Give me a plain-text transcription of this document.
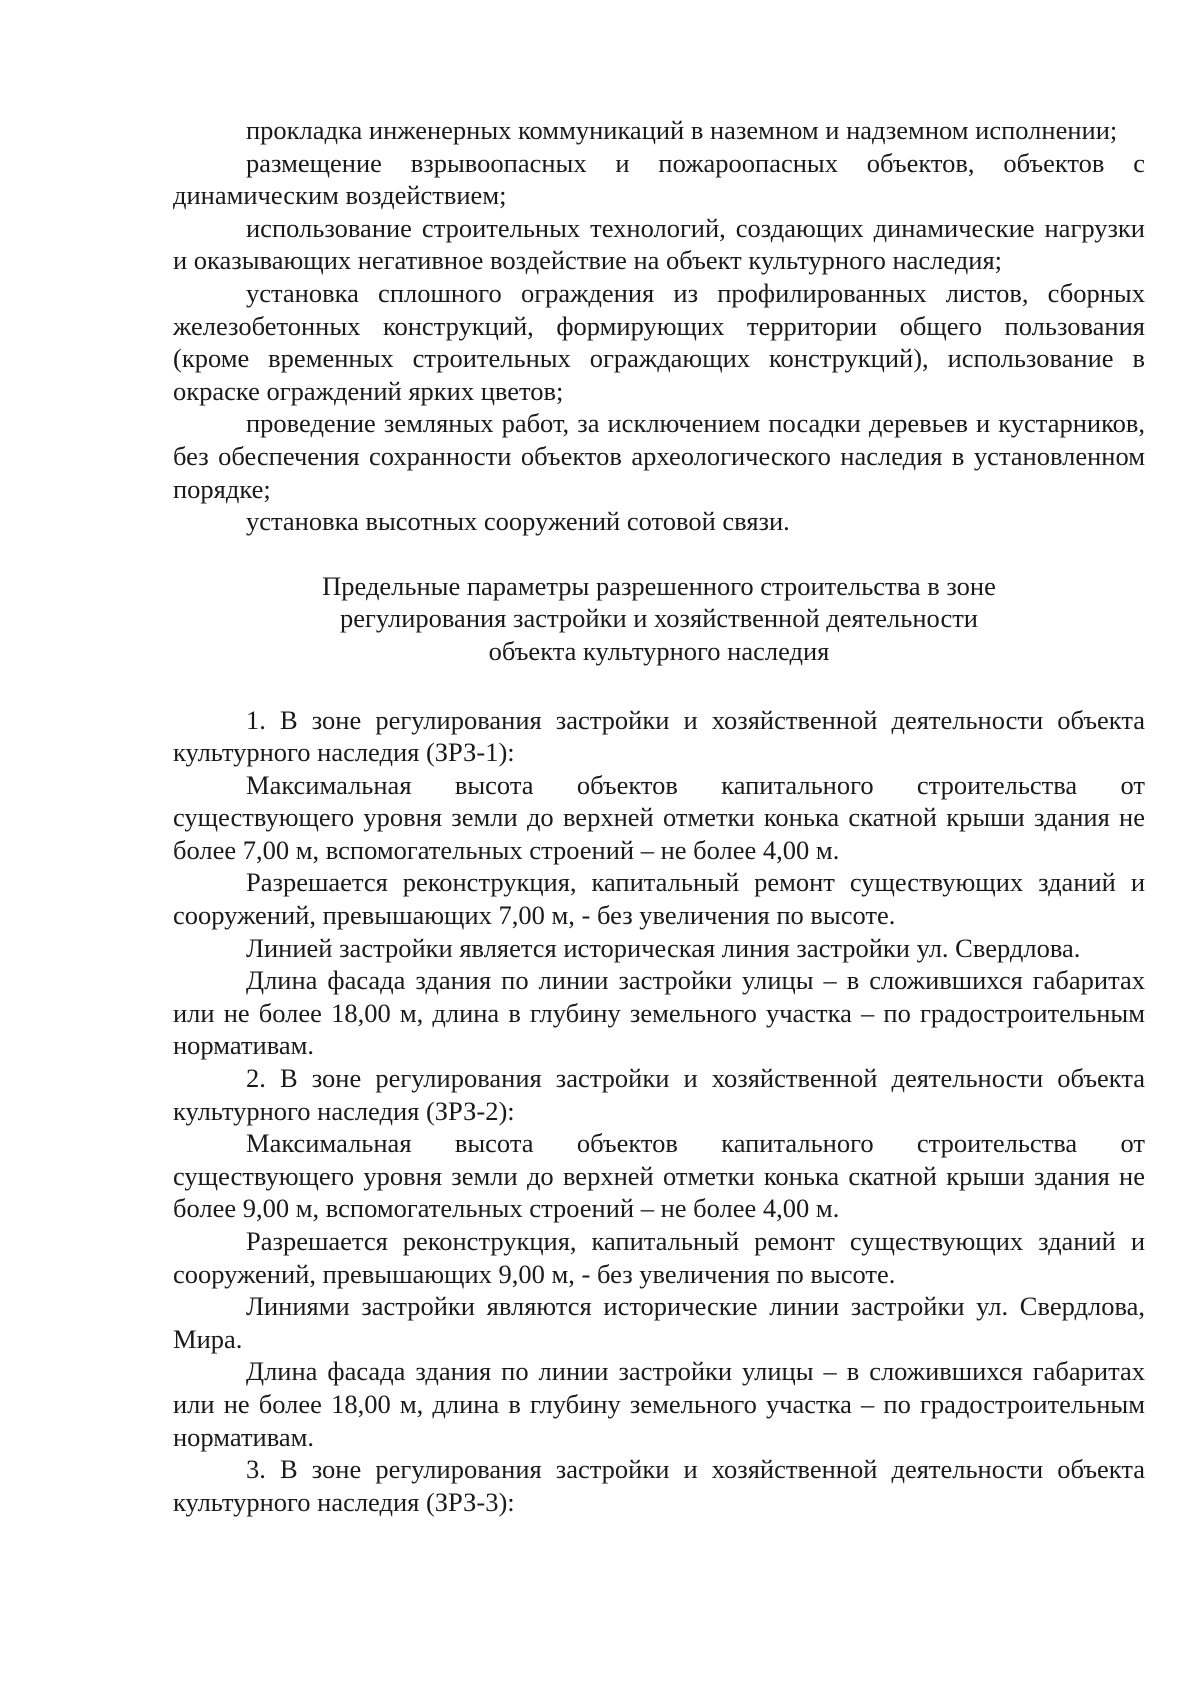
прокладка инженерных коммуникаций в наземном и надземном исполнении;

размещение взрывоопасных и пожароопасных объектов, объектов с динамическим воздействием;

использование строительных технологий, создающих динамические нагрузки и оказывающих негативное воздействие на объект культурного наследия;

установка сплошного ограждения из профилированных листов, сборных железобетонных конструкций, формирующих территории общего пользования (кроме временных строительных ограждающих конструкций), использование в окраске ограждений ярких цветов;

проведение земляных работ, за исключением посадки деревьев и кустарников, без обеспечения сохранности объектов археологического наследия в установленном порядке;

установка высотных сооружений сотовой связи.

Предельные параметры разрешенного строительства в зоне
регулирования застройки и хозяйственной деятельности
объекта культурного наследия

1. В зоне регулирования застройки и хозяйственной деятельности объекта культурного наследия (ЗРЗ-1):

Максимальная высота объектов капитального строительства от существующего уровня земли до верхней отметки конька скатной крыши здания не более 7,00 м, вспомогательных строений – не более 4,00 м.

Разрешается реконструкция, капитальный ремонт существующих зданий и сооружений, превышающих 7,00 м, - без увеличения по высоте.

Линией застройки является историческая линия застройки ул. Свердлова.

Длина фасада здания по линии застройки улицы – в сложившихся габаритах или не более 18,00 м, длина в глубину земельного участка – по градостроительным нормативам.

2. В зоне регулирования застройки и хозяйственной деятельности объекта культурного наследия (ЗРЗ-2):

Максимальная высота объектов капитального строительства от существующего уровня земли до верхней отметки конька скатной крыши здания не более 9,00 м, вспомогательных строений – не более 4,00 м.

Разрешается реконструкция, капитальный ремонт существующих зданий и сооружений, превышающих 9,00 м, - без увеличения по высоте.

Линиями застройки являются исторические линии застройки ул. Свердлова, Мира.

Длина фасада здания по линии застройки улицы – в сложившихся габаритах или не более 18,00 м, длина в глубину земельного участка – по градостроительным нормативам.

3. В зоне регулирования застройки и хозяйственной деятельности объекта культурного наследия (ЗРЗ-3):
